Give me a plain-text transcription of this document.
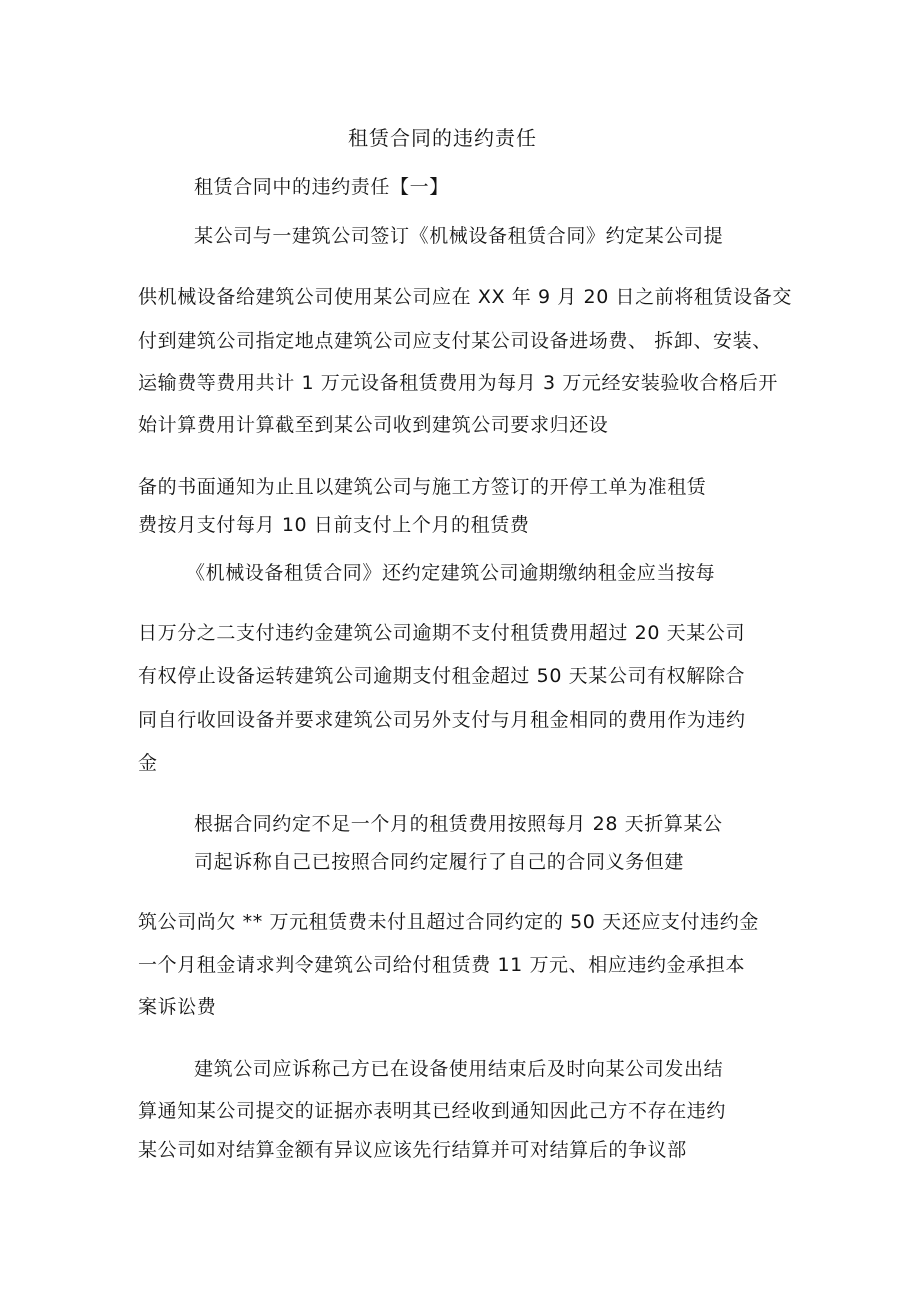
租赁合同的违约责任
租赁合同中的违约责任【一】
某公司与一建筑公司签订《机械设备租赁合同》约定某公司提
供机械设备给建筑公司使用某公司应在 XX 年 9 月 20 日之前将租赁设备交
付到建筑公司指定地点建筑公司应支付某公司设备进场费、 拆卸、安装、
运输费等费用共计 1 万元设备租赁费用为每月 3 万元经安装验收合格后开
始计算费用计算截至到某公司收到建筑公司要求归还设
备的书面通知为止且以建筑公司与施工方签订的开停工单为准租赁
费按月支付每月 10 日前支付上个月的租赁费
《机械设备租赁合同》还约定建筑公司逾期缴纳租金应当按每
日万分之二支付违约金建筑公司逾期不支付租赁费用超过 20 天某公司
有权停止设备运转建筑公司逾期支付租金超过 50 天某公司有权解除合
同自行收回设备并要求建筑公司另外支付与月租金相同的费用作为违约
金
根据合同约定不足一个月的租赁费用按照每月 28 天折算某公
司起诉称自己已按照合同约定履行了自己的合同义务但建
筑公司尚欠 ** 万元租赁费未付且超过合同约定的 50 天还应支付违约金
一个月租金请求判令建筑公司给付租赁费 11 万元、相应违约金承担本
案诉讼费
建筑公司应诉称己方已在设备使用结束后及时向某公司发出结
算通知某公司提交的证据亦表明其已经收到通知因此己方不存在违约
某公司如对结算金额有异议应该先行结算并可对结算后的争议部
